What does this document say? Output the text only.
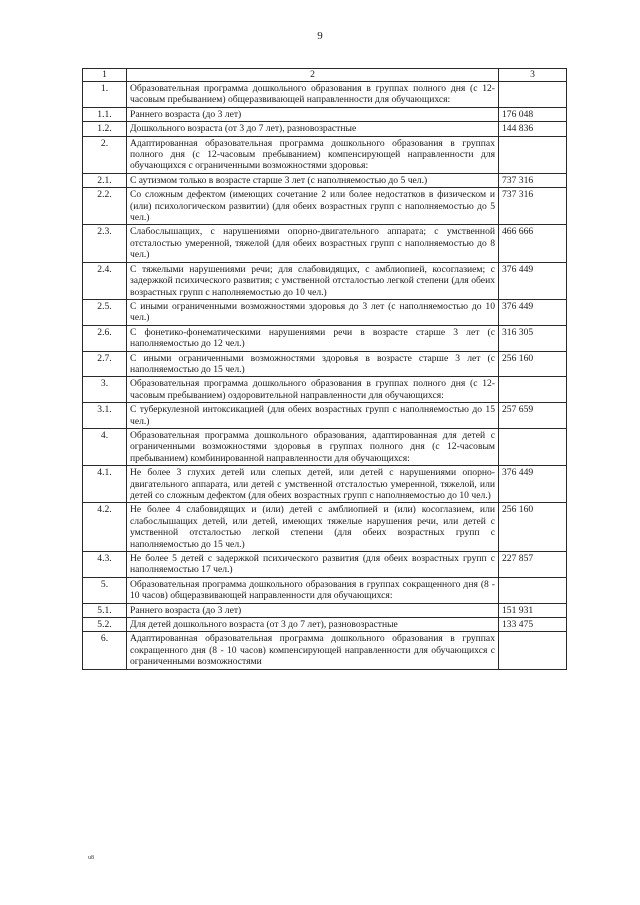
9
1	2	3
1.	Образовательная программа дошкольного образования в группах полного дня (с 12-часовым пребыванием) общеразвивающей направленности для обучающихся:	
1.1.	Раннего возраста (до 3 лет)	176 048
1.2.	Дошкольного возраста (от 3 до 7 лет), разновозрастные	144 836
2.	Адаптированная образовательная программа дошкольного образования в группах полного дня (с 12-часовым пребыванием) компенсирующей направленности для обучающихся с ограниченными возможностями здоровья:	
2.1.	С аутизмом только в возрасте старше 3 лет (с наполняемостью до 5 чел.)	737 316
2.2.	Со сложным дефектом (имеющих сочетание 2 или более недостатков в физическом и (или) психологическом развитии) (для обеих возрастных групп с наполняемостью до 5 чел.)	737 316
2.3.	Слабослышащих, с нарушениями опорно-двигательного аппарата; с умственной отсталостью умеренной, тяжелой (для обеих возрастных групп с наполняемостью до 8 чел.)	466 666
2.4.	С тяжелыми нарушениями речи; для слабовидящих, с амблиопией, косоглазием; с задержкой психического развития; с умственной отсталостью легкой степени (для обеих возрастных групп с наполняемостью до 10 чел.)	376 449
2.5.	С иными ограниченными возможностями здоровья до 3 лет (с наполняемостью до 10 чел.)	376 449
2.6.	С фонетико-фонематическими нарушениями речи в возрасте старше 3 лет (с наполняемостью до 12 чел.)	316 305
2.7.	С иными ограниченными возможностями здоровья в возрасте старше 3 лет (с наполняемостью до 15 чел.)	256 160
3.	Образовательная программа дошкольного образования в группах полного дня (с 12-часовым пребыванием) оздоровительной направленности для обучающихся:	
3.1.	С туберкулезной интоксикацией (для обеих возрастных групп с наполняемостью до 15 чел.)	257 659
4.	Образовательная программа дошкольного образования, адаптированная для детей с ограниченными возможностями здоровья в группах полного дня (с 12-часовым пребыванием) комбинированной направленности для обучающихся:	
4.1.	Не более 3 глухих детей или слепых детей, или детей с нарушениями опорно-двигательного аппарата, или детей с умственной отсталостью умеренной, тяжелой, или детей со сложным дефектом (для обеих возрастных групп с наполняемостью до 10 чел.)	376 449
4.2.	Не более 4 слабовидящих и (или) детей с амблиопией и (или) косоглазием, или слабослышащих детей, или детей, имеющих тяжелые нарушения речи, или детей с умственной отсталостью легкой степени (для обеих возрастных групп с наполняемостью до 15 чел.)	256 160
4.3.	Не более 5 детей с задержкой психического развития (для обеих возрастных групп с наполняемостью 17 чел.)	227 857
5.	Образовательная программа дошкольного образования в группах сокращенного дня (8 - 10 часов) общеразвивающей направленности для обучающихся:	
5.1.	Раннего возраста (до 3 лет)	151 931
5.2.	Для детей дошкольного возраста (от 3 до 7 лет), разновозрастные	133 475
6.	Адаптированная образовательная программа дошкольного образования в группах сокращенного дня (8 - 10 часов) компенсирующей направленности для обучающихся с ограниченными возможностями	
u8
